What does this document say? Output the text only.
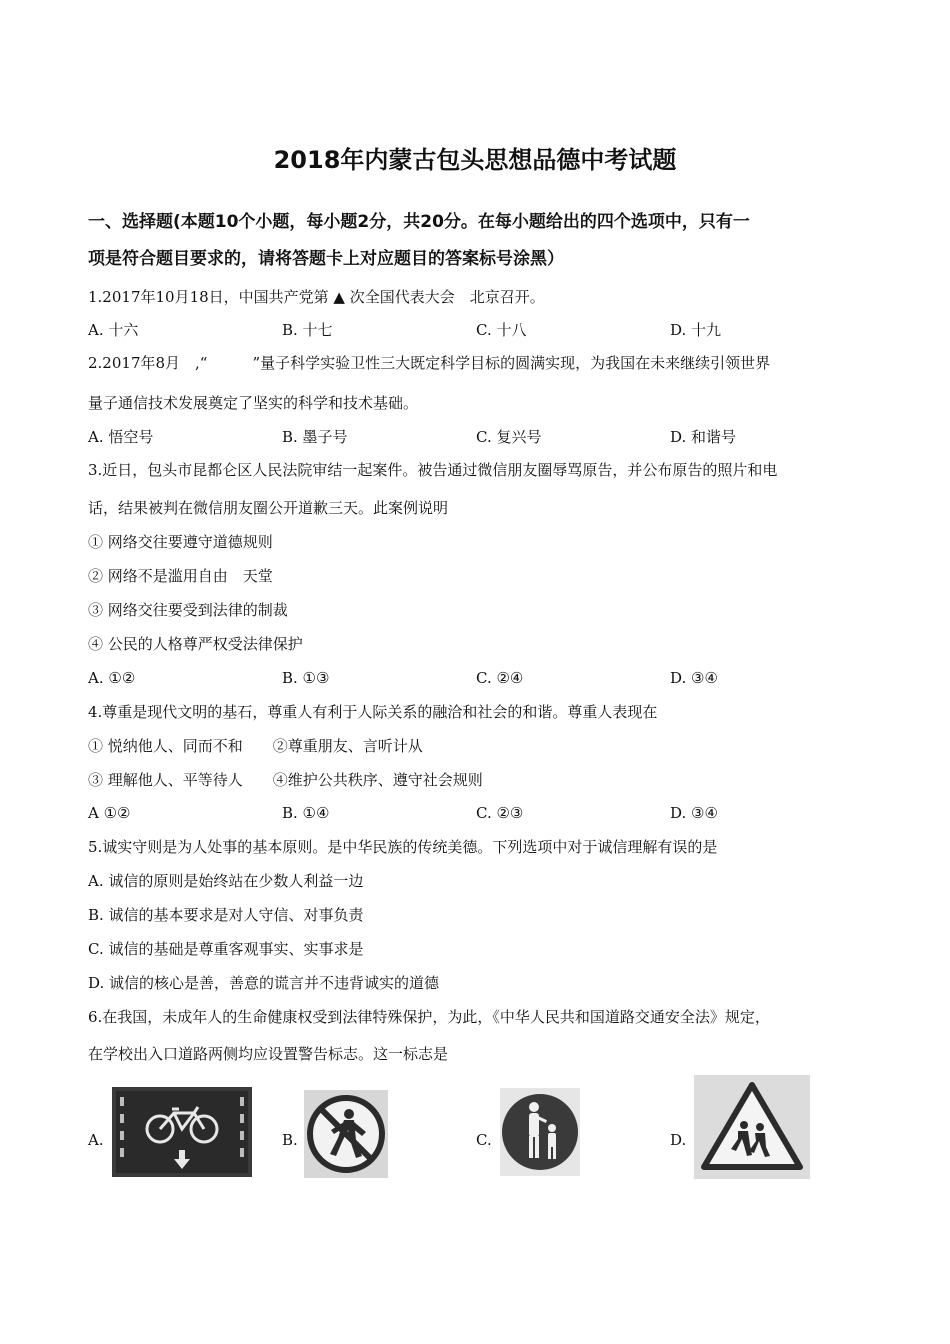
2018年内蒙古包头思想品德中考试题
一、选择题(本题10个小题，每小题2分，共20分。在每小题给出的四个选项中，只有一
项是符合题目要求的，请将答题卡上对应题目的答案标号涂黑）
1.2017年10月18日，中国共产党第 ▲ 次全国代表大会　北京召开。
A. 十六	B. 十七	C. 十八	D. 十九
2.2017年8月　,“　　　”量子科学实验卫性三大既定科学目标的圆满实现，为我国在未来继续引领世界
量子通信技术发展奠定了坚实的科学和技术基础。
A. 悟空号	B. 墨子号	C. 复兴号	D. 和谐号
3.近日，包头市昆都仑区人民法院审结一起案件。被告通过微信朋友圈辱骂原告，并公布原告的照片和电
话，结果被判在微信朋友圈公开道歉三天。此案例说明
① 网络交往要遵守道德规则
② 网络不是滥用自由　天堂
③ 网络交往要受到法律的制裁
④ 公民的人格尊严权受法律保护
A. ①②	B. ①③	C. ②④	D. ③④
4.尊重是现代文明的基石，尊重人有利于人际关系的融洽和社会的和谐。尊重人表现在
① 悦纳他人、同而不和　　②尊重朋友、言听计从
③ 理解他人、平等待人　　④维护公共秩序、遵守社会规则
A ①②	B. ①④	C. ②③	D. ③④
5.诚实守则是为人处事的基本原则。是中华民族的传统美德。下列选项中对于诚信理解有误的是
A. 诚信的原则是始终站在少数人利益一边
B. 诚信的基本要求是对人守信、对事负责
C. 诚信的基础是尊重客观事实、实事求是
D. 诚信的核心是善，善意的谎言并不违背诚实的道德
6.在我国，未成年人的生命健康权受到法律特殊保护，为此，《中华人民共和国道路交通安全法》规定，
在学校出入口道路两侧均应设置警告标志。这一标志是
A.	B.	C.	D.
